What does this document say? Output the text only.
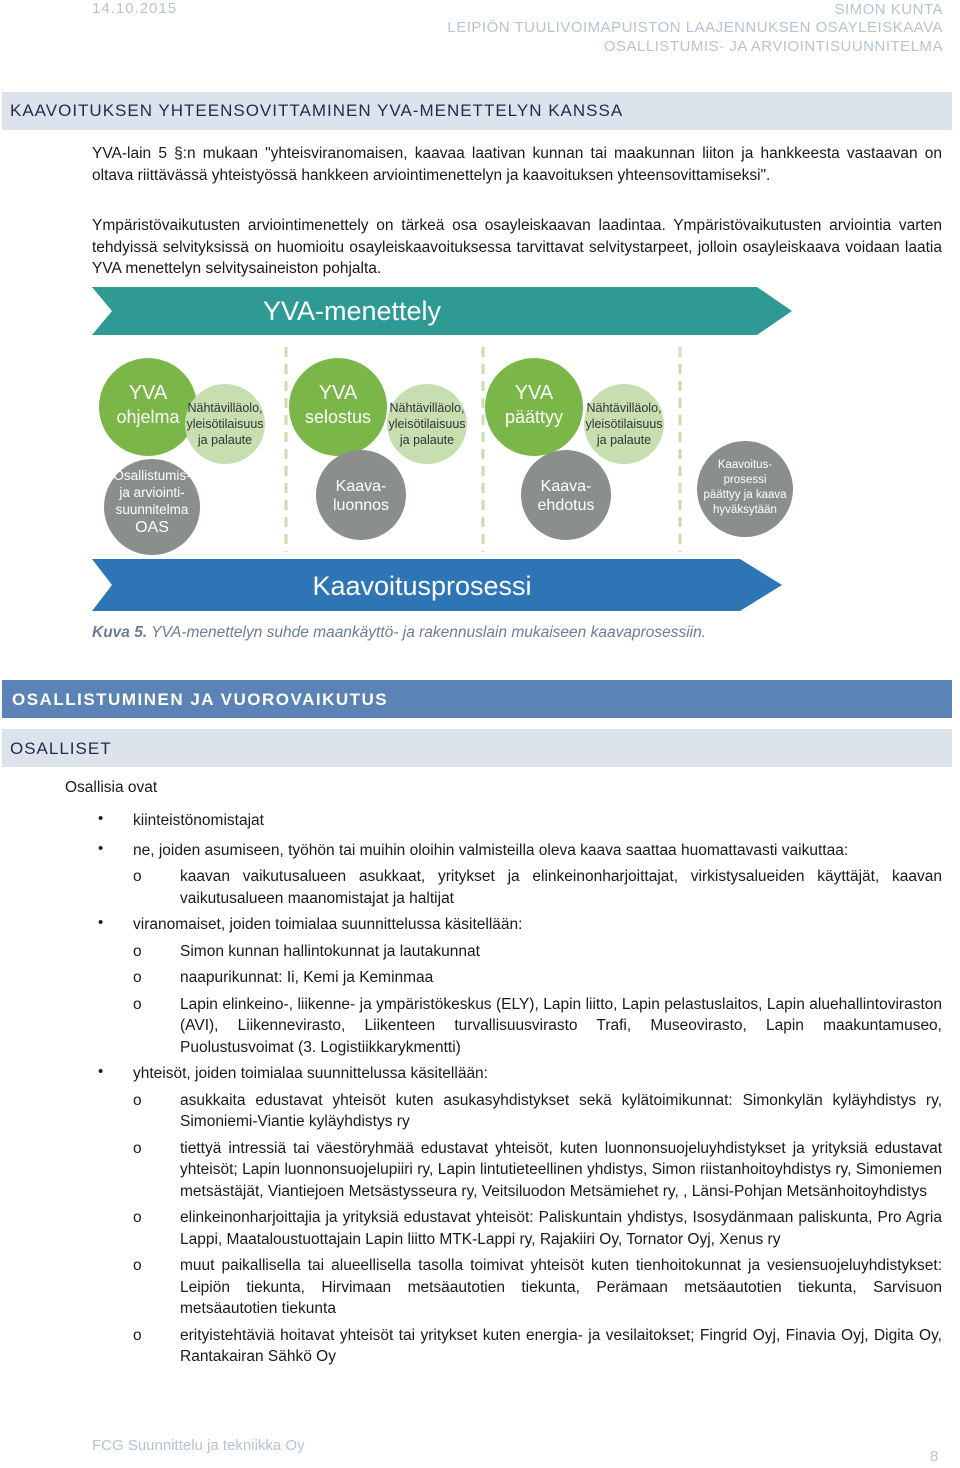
14.10.2015	SIMON KUNTA
LEIPIÖN TUULIVOIMAPUISTON LAAJENNUKSEN OSAYLEISKAAVA
OSALLISTUMIS- JA ARVIOINTISUUNNITELMA
KAAVOITUKSEN YHTEENSOVITTAMINEN YVA-MENETTELYN KANSSA
YVA-lain 5 §:n mukaan "yhteisviranomaisen, kaavaa laativan kunnan tai maakunnan liiton ja hankkeesta vastaavan on oltava riittävässä yhteistyössä hankkeen arviointimenettelyn ja kaavoituksen yhteensovittamiseksi".
Ympäristövaikutusten arviointimenettely on tärkeä osa osayleiskaavan laadintaa. Ympäristövaikutusten arviointia varten tehdyissä selvityksissä on huomioitu osayleiskaavoituksessa tarvittavat selvitystarpeet, jolloin osayleiskaava voidaan laatia YVA menettelyn selvitysaineiston pohjalta.
YVA-menettely
Kaavoitusprosessi
YVA
ohjelma
YVA
selostus
YVA
päättyy
Nähtävilläolo,
yleisötilaisuus
ja palaute
Nähtävilläolo,
yleisötilaisuus
ja palaute
Nähtävilläolo,
yleisötilaisuus
ja palaute
Osallistumis-
ja arviointi-
suunnitelma
OAS
Kaava-
luonnos
Kaava-
ehdotus
Kaavoitus-
prosessi
päättyy ja kaava
hyväksytään
Kuva 5. YVA-menettelyn suhde maankäyttö- ja rakennuslain mukaiseen kaavaprosessiin.
OSALLISTUMINEN JA VUOROVAIKUTUS
OSALLISET
Osallisia ovat
• kiinteistönomistajat
• ne, joiden asumiseen, työhön tai muihin oloihin valmisteilla oleva kaava saattaa huomattavasti vaikuttaa:
o kaavan vaikutusalueen asukkaat, yritykset ja elinkeinonharjoittajat, virkistysalueiden käyttäjät, kaavan vaikutusalueen maanomistajat ja haltijat
• viranomaiset, joiden toimialaa suunnittelussa käsitellään:
o Simon kunnan hallintokunnat ja lautakunnat
o naapurikunnat: Ii, Kemi ja Keminmaa
o Lapin elinkeino-, liikenne- ja ympäristökeskus (ELY), Lapin liitto, Lapin pelastuslaitos, Lapin aluehallintoviraston (AVI), Liikennevirasto, Liikenteen turvallisuusvirasto Trafi, Museovirasto, Lapin maakuntamuseo, Puolustusvoimat (3. Logistiikkarykmentti)
• yhteisöt, joiden toimialaa suunnittelussa käsitellään:
o asukkaita edustavat yhteisöt kuten asukasyhdistykset sekä kylätoimikunnat: Simonkylän kyläyhdistys ry, Simoniemi-Viantie kyläyhdistys ry
o tiettyä intressiä tai väestöryhmää edustavat yhteisöt, kuten luonnonsuojeluyhdistykset ja yrityksiä edustavat yhteisöt; Lapin luonnonsuojelupiiri ry, Lapin lintutieteellinen yhdistys, Simon riistanhoitoyhdistys ry, Simoniemen metsästäjät, Viantiejoen Metsästysseura ry, Veitsiluodon Metsämiehet ry, , Länsi-Pohjan Metsänhoitoyhdistys
o elinkeinonharjoittajia ja yrityksiä edustavat yhteisöt: Paliskuntain yhdistys, Isosydänmaan paliskunta, Pro Agria Lappi, Maataloustuottajain Lapin liitto MTK-Lappi ry, Rajakiiri Oy, Tornator Oyj, Xenus ry
o muut paikallisella tai alueellisella tasolla toimivat yhteisöt kuten tienhoitokunnat ja vesiensuojeluyhdistykset: Leipiön tiekunta, Hirvimaan metsäautotien tiekunta, Perämaan metsäautotien tiekunta, Sarvisuon metsäautotien tiekunta
o erityistehtäviä hoitavat yhteisöt tai yritykset kuten energia- ja vesilaitokset; Fingrid Oyj, Finavia Oyj, Digita Oy, Rantakairan Sähkö Oy
FCG Suunnittelu ja tekniikka Oy
8
